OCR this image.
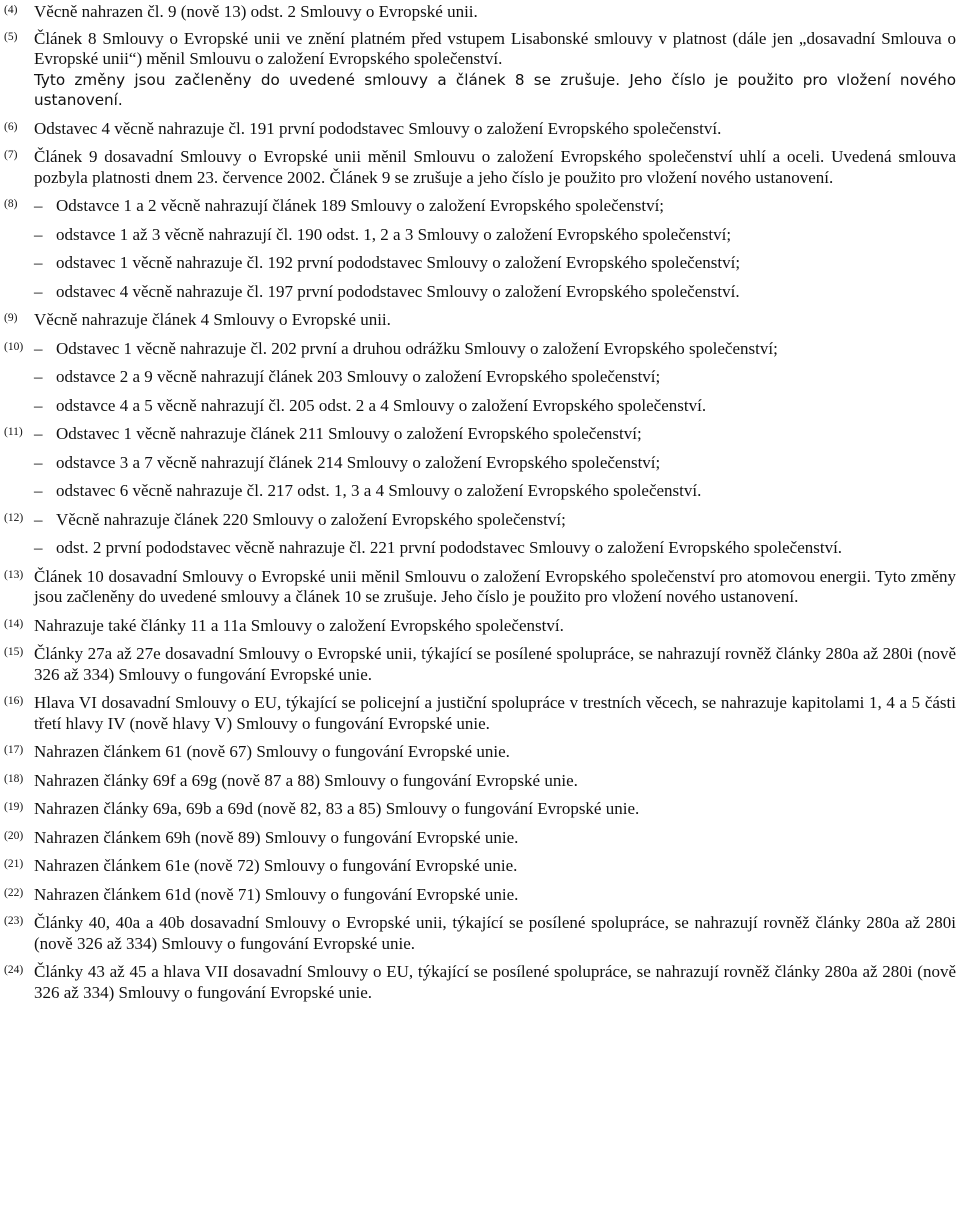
(4) Věcně nahrazen čl. 9 (nově 13) odst. 2 Smlouvy o Evropské unii.
(5) Článek 8 Smlouvy o Evropské unii ve znění platném před vstupem Lisabonské smlouvy v platnost (dále jen „dosavadní Smlouva o Evropské unii“) měnil Smlouvu o založení Evropského společenství.
Tyto změny jsou začleněny do uvedené smlouvy a článek 8 se zrušuje. Jeho číslo je použito pro vložení nového ustanovení.
(6) Odstavec 4 věcně nahrazuje čl. 191 první pododstavec Smlouvy o založení Evropského společenství.
(7) Článek 9 dosavadní Smlouvy o Evropské unii měnil Smlouvu o založení Evropského společenství uhlí a oceli. Uvedená smlouva pozbyla platnosti dnem 23. července 2002. Článek 9 se zrušuje a jeho číslo je použito pro vložení nového ustanovení.
(8) – Odstavce 1 a 2 věcně nahrazují článek 189 Smlouvy o založení Evropského společenství;
– odstavce 1 až 3 věcně nahrazují čl. 190 odst. 1, 2 a 3 Smlouvy o založení Evropského společenství;
– odstavec 1 věcně nahrazuje čl. 192 první pododstavec Smlouvy o založení Evropského společenství;
– odstavec 4 věcně nahrazuje čl. 197 první pododstavec Smlouvy o založení Evropského společenství.
(9) Věcně nahrazuje článek 4 Smlouvy o Evropské unii.
(10) – Odstavec 1 věcně nahrazuje čl. 202 první a druhou odrážku Smlouvy o založení Evropského společenství;
– odstavce 2 a 9 věcně nahrazují článek 203 Smlouvy o založení Evropského společenství;
– odstavce 4 a 5 věcně nahrazují čl. 205 odst. 2 a 4 Smlouvy o založení Evropského společenství.
(11) – Odstavec 1 věcně nahrazuje článek 211 Smlouvy o založení Evropského společenství;
– odstavce 3 a 7 věcně nahrazují článek 214 Smlouvy o založení Evropského společenství;
– odstavec 6 věcně nahrazuje čl. 217 odst. 1, 3 a 4 Smlouvy o založení Evropského společenství.
(12) – Věcně nahrazuje článek 220 Smlouvy o založení Evropského společenství;
– odst. 2 první pododstavec věcně nahrazuje čl. 221 první pododstavec Smlouvy o založení Evropského společenství.
(13) Článek 10 dosavadní Smlouvy o Evropské unii měnil Smlouvu o založení Evropského společenství pro atomovou energii. Tyto změny jsou začleněny do uvedené smlouvy a článek 10 se zrušuje. Jeho číslo je použito pro vložení nového ustanovení.
(14) Nahrazuje také články 11 a 11a Smlouvy o založení Evropského společenství.
(15) Články 27a až 27e dosavadní Smlouvy o Evropské unii, týkající se posílené spolupráce, se nahrazují rovněž články 280a až 280i (nově 326 až 334) Smlouvy o fungování Evropské unie.
(16) Hlava VI dosavadní Smlouvy o EU, týkající se policejní a justiční spolupráce v trestních věcech, se nahrazuje kapitolami 1, 4 a 5 části třetí hlavy IV (nově hlavy V) Smlouvy o fungování Evropské unie.
(17) Nahrazen článkem 61 (nově 67) Smlouvy o fungování Evropské unie.
(18) Nahrazen články 69f a 69g (nově 87 a 88) Smlouvy o fungování Evropské unie.
(19) Nahrazen články 69a, 69b a 69d (nově 82, 83 a 85) Smlouvy o fungování Evropské unie.
(20) Nahrazen článkem 69h (nově 89) Smlouvy o fungování Evropské unie.
(21) Nahrazen článkem 61e (nově 72) Smlouvy o fungování Evropské unie.
(22) Nahrazen článkem 61d (nově 71) Smlouvy o fungování Evropské unie.
(23) Články 40, 40a a 40b dosavadní Smlouvy o Evropské unii, týkající se posílené spolupráce, se nahrazují rovněž články 280a až 280i (nově 326 až 334) Smlouvy o fungování Evropské unie.
(24) Články 43 až 45 a hlava VII dosavadní Smlouvy o EU, týkající se posílené spolupráce, se nahrazují rovněž články 280a až 280i (nově 326 až 334) Smlouvy o fungování Evropské unie.
